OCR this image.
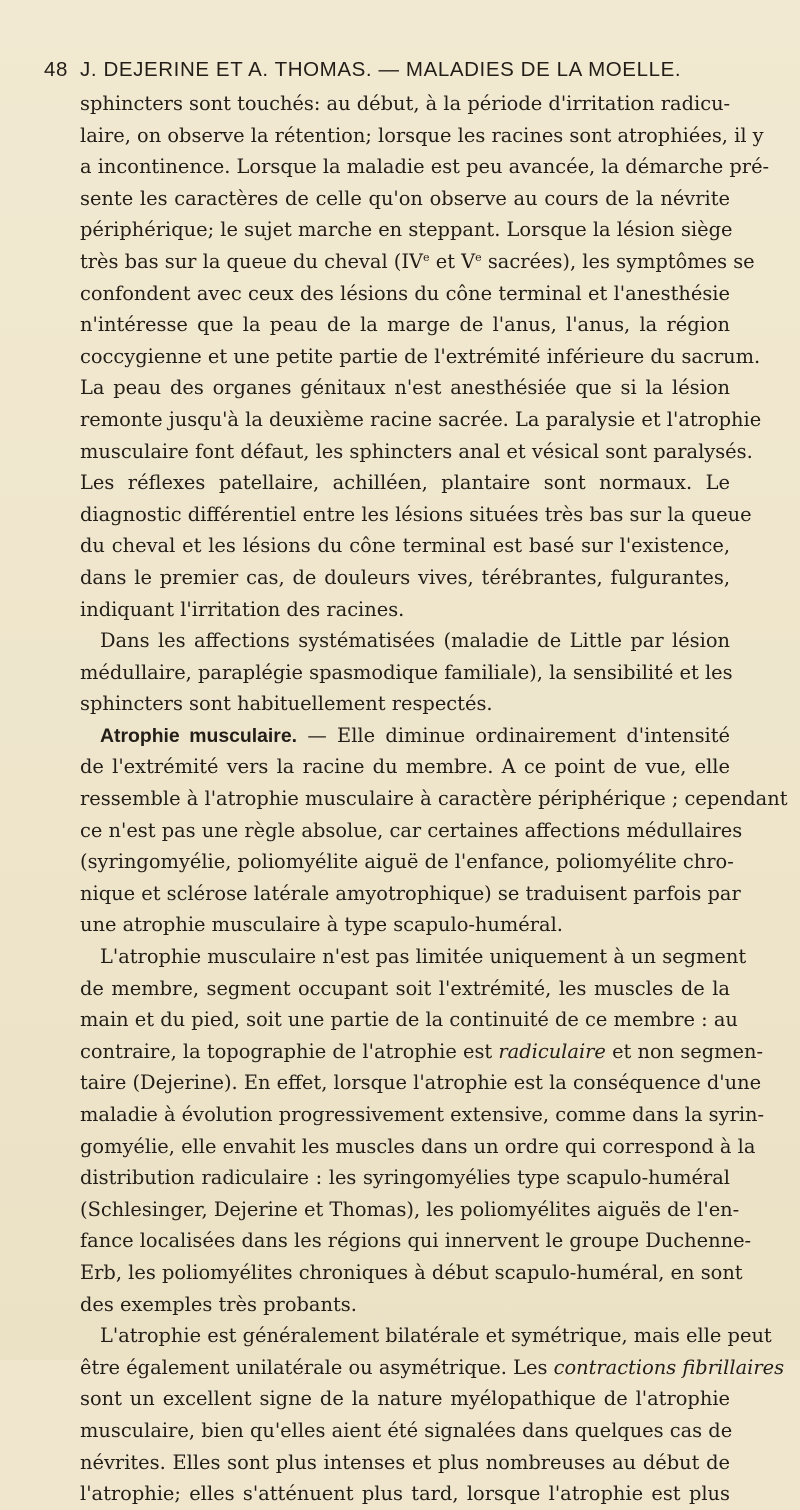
48 J. DEJERINE ET A. THOMAS. — MALADIES DE LA MOELLE.
sphincters sont touchés: au début, à la période d'irritation radicu-
laire, on observe la rétention; lorsque les racines sont atrophiées, il y
a incontinence. Lorsque la maladie est peu avancée, la démarche pré-
sente les caractères de celle qu'on observe au cours de la névrite
périphérique; le sujet marche en steppant. Lorsque la lésion siège
très bas sur la queue du cheval (IVe et Ve sacrées), les symptômes se
confondent avec ceux des lésions du cône terminal et l'anesthésie
n'intéresse que la peau de la marge de l'anus, l'anus, la région
coccygienne et une petite partie de l'extrémité inférieure du sacrum.
La peau des organes génitaux n'est anesthésiée que si la lésion
remonte jusqu'à la deuxième racine sacrée. La paralysie et l'atrophie
musculaire font défaut, les sphincters anal et vésical sont paralysés.
Les réflexes patellaire, achilléen, plantaire sont normaux. Le
diagnostic différentiel entre les lésions situées très bas sur la queue
du cheval et les lésions du cône terminal est basé sur l'existence,
dans le premier cas, de douleurs vives, térébrantes, fulgurantes,
indiquant l'irritation des racines.
Dans les affections systématisées (maladie de Little par lésion
médullaire, paraplégie spasmodique familiale), la sensibilité et les
sphincters sont habituellement respectés.
Atrophie musculaire. — Elle diminue ordinairement d'intensité
de l'extrémité vers la racine du membre. A ce point de vue, elle
ressemble à l'atrophie musculaire à caractère périphérique ; cependant
ce n'est pas une règle absolue, car certaines affections médullaires
(syringomyélie, poliomyélite aiguë de l'enfance, poliomyélite chro-
nique et sclérose latérale amyotrophique) se traduisent parfois par
une atrophie musculaire à type scapulo-huméral.
L'atrophie musculaire n'est pas limitée uniquement à un segment
de membre, segment occupant soit l'extrémité, les muscles de la
main et du pied, soit une partie de la continuité de ce membre : au
contraire, la topographie de l'atrophie est radiculaire et non segmen-
taire (Dejerine). En effet, lorsque l'atrophie est la conséquence d'une
maladie à évolution progressivement extensive, comme dans la syrin-
gomyélie, elle envahit les muscles dans un ordre qui correspond à la
distribution radiculaire : les syringomyélies type scapulo-huméral
(Schlesinger, Dejerine et Thomas), les poliomyélites aiguës de l'en-
fance localisées dans les régions qui innervent le groupe Duchenne-
Erb, les poliomyélites chroniques à début scapulo-huméral, en sont
des exemples très probants.
L'atrophie est généralement bilatérale et symétrique, mais elle peut
être également unilatérale ou asymétrique. Les contractions fibrillaires
sont un excellent signe de la nature myélopathique de l'atrophie
musculaire, bien qu'elles aient été signalées dans quelques cas de
névrites. Elles sont plus intenses et plus nombreuses au début de
l'atrophie; elles s'atténuent plus tard, lorsque l'atrophie est plus
